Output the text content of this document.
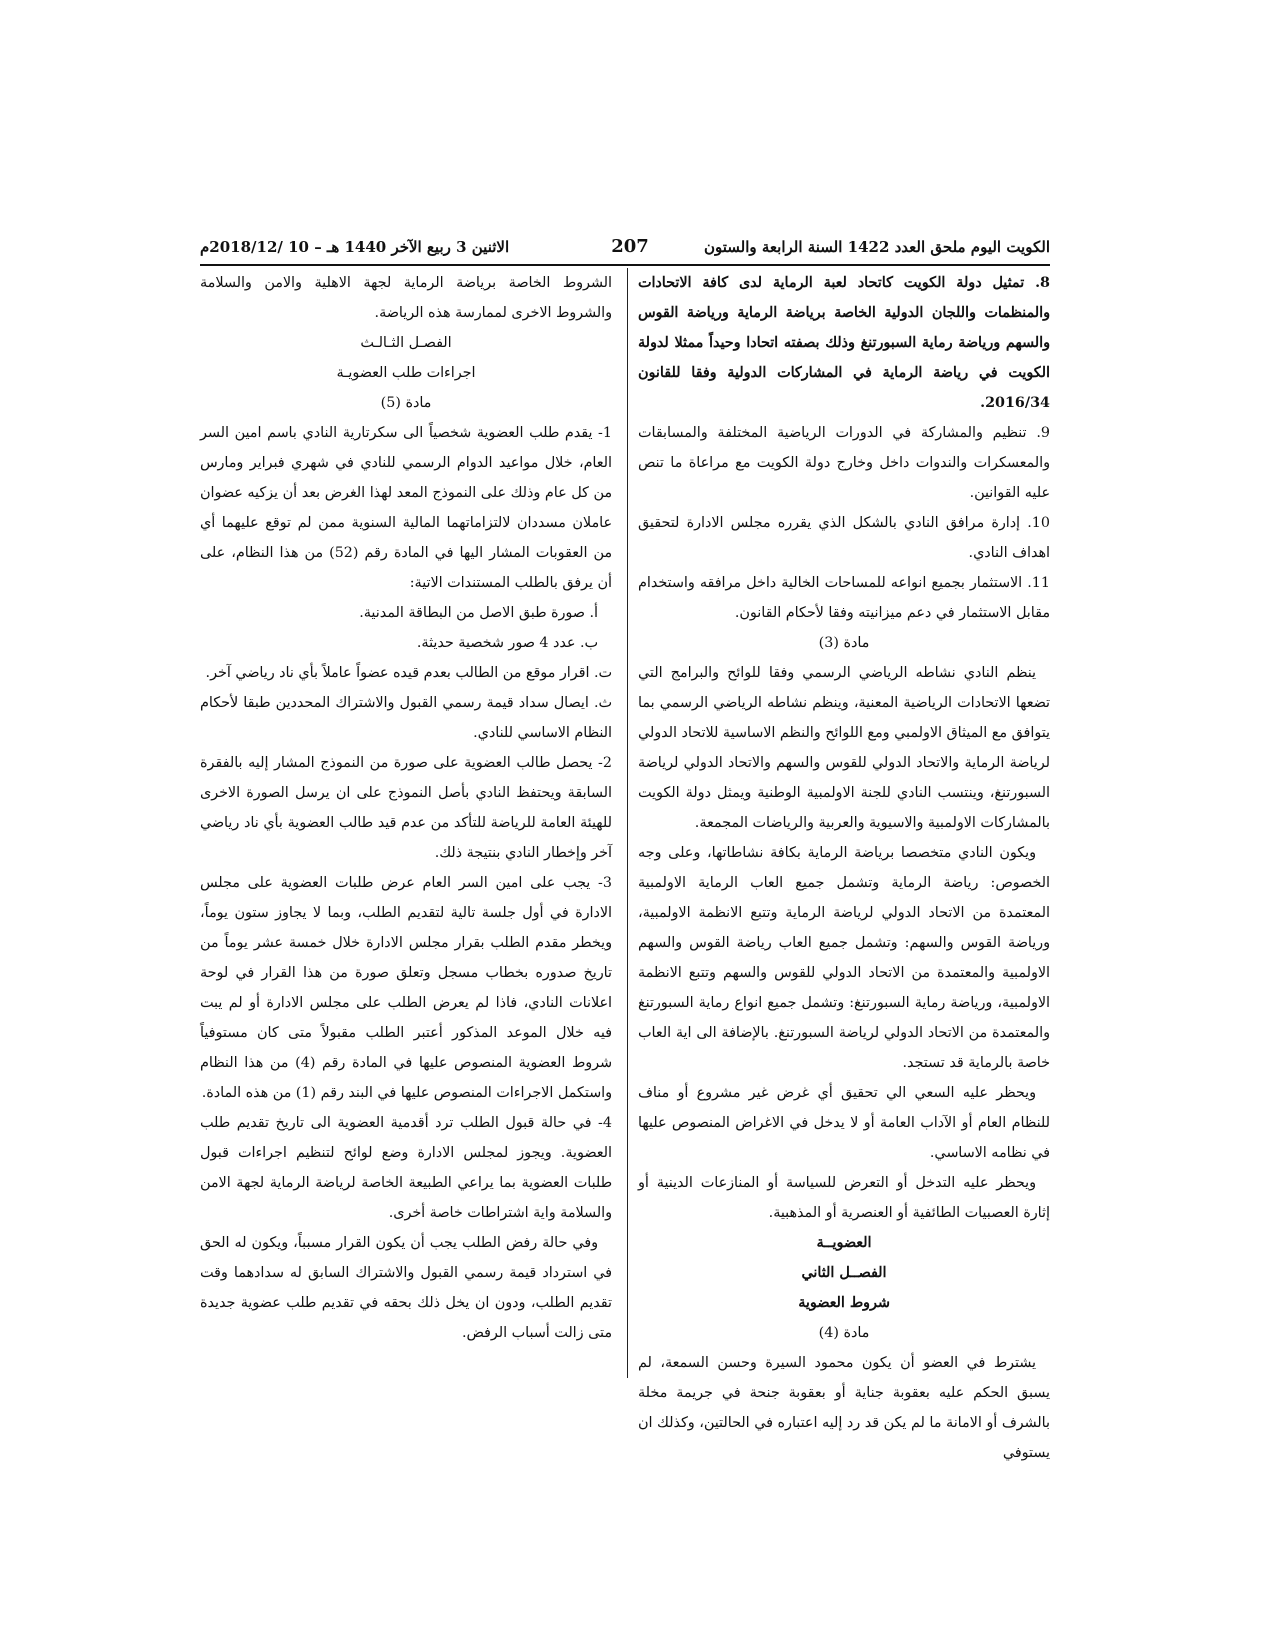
الكويت اليوم ملحق العدد 1422 السنة الرابعة والستون
207
الاثنين 3 ربيع الآخر 1440 هـ – 10 /2018/12م

8. تمثيل دولة الكويت كاتحاد لعبة الرماية لدى كافة الاتحادات والمنظمات واللجان الدولية الخاصة برياضة الرماية ورياضة القوس والسهم ورياضة رماية السبورتنغ وذلك بصفته اتحادا وحيداً ممثلا لدولة الكويت في رياضة الرماية في المشاركات الدولية وفقا للقانون 2016/34.

9. تنظيم والمشاركة في الدورات الرياضية المختلفة والمسابقات والمعسكرات والندوات داخل وخارج دولة الكويت مع مراعاة ما تنص عليه القوانين.

10. إدارة مرافق النادي بالشكل الذي يقرره مجلس الادارة لتحقيق اهداف النادي.

11. الاستثمار بجميع انواعه للمساحات الخالية داخل مرافقه واستخدام مقابل الاستثمار في دعم ميزانيته وفقا لأحكام القانون.

مادة (3)

ينظم النادي نشاطه الرياضي الرسمي وفقا للوائح والبرامج التي تضعها الاتحادات الرياضية المعنية، وينظم نشاطه الرياضي الرسمي بما يتوافق مع الميثاق الاولمبي ومع اللوائح والنظم الاساسية للاتحاد الدولي لرياضة الرماية والاتحاد الدولي للقوس والسهم والاتحاد الدولي لرياضة السبورتنغ، وينتسب النادي للجنة الاولمبية الوطنية ويمثل دولة الكويت بالمشاركات الاولمبية والاسيوية والعربية والرياضات المجمعة.

ويكون النادي متخصصا برياضة الرماية بكافة نشاطاتها، وعلى وجه الخصوص: رياضة الرماية وتشمل جميع العاب الرماية الاولمبية المعتمدة من الاتحاد الدولي لرياضة الرماية وتتبع الانظمة الاولمبية، ورياضة القوس والسهم: وتشمل جميع العاب رياضة القوس والسهم الاولمبية والمعتمدة من الاتحاد الدولي للقوس والسهم وتتبع الانظمة الاولمبية، ورياضة رماية السبورتنغ: وتشمل جميع انواع رماية السبورتنغ والمعتمدة من الاتحاد الدولي لرياضة السبورتنغ. بالإضافة الى اية العاب خاصة بالرماية قد تستجد.

ويحظر عليه السعي الي تحقيق أي غرض غير مشروع أو مناف للنظام العام أو الآداب العامة أو لا يدخل في الاغراض المنصوص عليها في نظامه الاساسي.

ويحظر عليه التدخل أو التعرض للسياسة أو المنازعات الدينية أو إثارة العصبيات الطائفية أو العنصرية أو المذهبية.

العضويــة

الفصــل الثاني

شروط العضوية

مادة (4)

يشترط في العضو أن يكون محمود السيرة وحسن السمعة، لم يسبق الحكم عليه بعقوبة جناية أو بعقوبة جنحة في جريمة مخلة بالشرف أو الامانة ما لم يكن قد رد إليه اعتباره في الحالتين، وكذلك ان يستوفي

الشروط الخاصة برياضة الرماية لجهة الاهلية والامن والسلامة والشروط الاخرى لممارسة هذه الرياضة.

الفصـل الثـالـث

اجراءات طلب العضويـة

مادة (5)

1- يقدم طلب العضوية شخصياً الى سكرتارية النادي باسم امين السر العام، خلال مواعيد الدوام الرسمي للنادي في شهري فبراير ومارس من كل عام وذلك على النموذج المعد لهذا الغرض بعد أن يزكيه عضوان عاملان مسددان لالتزاماتهما المالية السنوية ممن لم توقع عليهما أي من العقوبات المشار اليها في المادة رقم (52) من هذا النظام، على أن يرفق بالطلب المستندات الاتية:

أ. صورة طبق الاصل من البطاقة المدنية.

ب. عدد 4 صور شخصية حديثة.

ت. اقرار موقع من الطالب بعدم قيده عضواً عاملاً بأي ناد رياضي آخر.

ث. ايصال سداد قيمة رسمي القبول والاشتراك المحددين طبقا لأحكام النظام الاساسي للنادي.

2- يحصل طالب العضوية على صورة من النموذج المشار إليه بالفقرة السابقة ويحتفظ النادي بأصل النموذج على ان يرسل الصورة الاخرى للهيئة العامة للرياضة للتأكد من عدم قيد طالب العضوية بأي ناد رياضي آخر وإخطار النادي بنتيجة ذلك.

3- يجب على امين السر العام عرض طلبات العضوية على مجلس الادارة في أول جلسة تالية لتقديم الطلب، وبما لا يجاوز ستون يوماً، ويخطر مقدم الطلب بقرار مجلس الادارة خلال خمسة عشر يوماً من تاريخ صدوره بخطاب مسجل وتعلق صورة من هذا القرار في لوحة اعلانات النادي، فاذا لم يعرض الطلب على مجلس الادارة أو لم يبت فيه خلال الموعد المذكور أعتبر الطلب مقبولاً متى كان مستوفياً شروط العضوية المنصوص عليها في المادة رقم (4) من هذا النظام واستكمل الاجراءات المنصوص عليها في البند رقم (1) من هذه المادة.

4- في حالة قبول الطلب ترد أقدمية العضوية الى تاريخ تقديم طلب العضوية. ويجوز لمجلس الادارة وضع لوائح لتنظيم اجراءات قبول طلبات العضوية بما يراعي الطبيعة الخاصة لرياضة الرماية لجهة الامن والسلامة واية اشتراطات خاصة أخرى.

وفي حالة رفض الطلب يجب أن يكون القرار مسبباً، ويكون له الحق في استرداد قيمة رسمي القبول والاشتراك السابق له سدادهما وقت تقديم الطلب، ودون ان يخل ذلك بحقه في تقديم طلب عضوية جديدة متى زالت أسباب الرفض.
